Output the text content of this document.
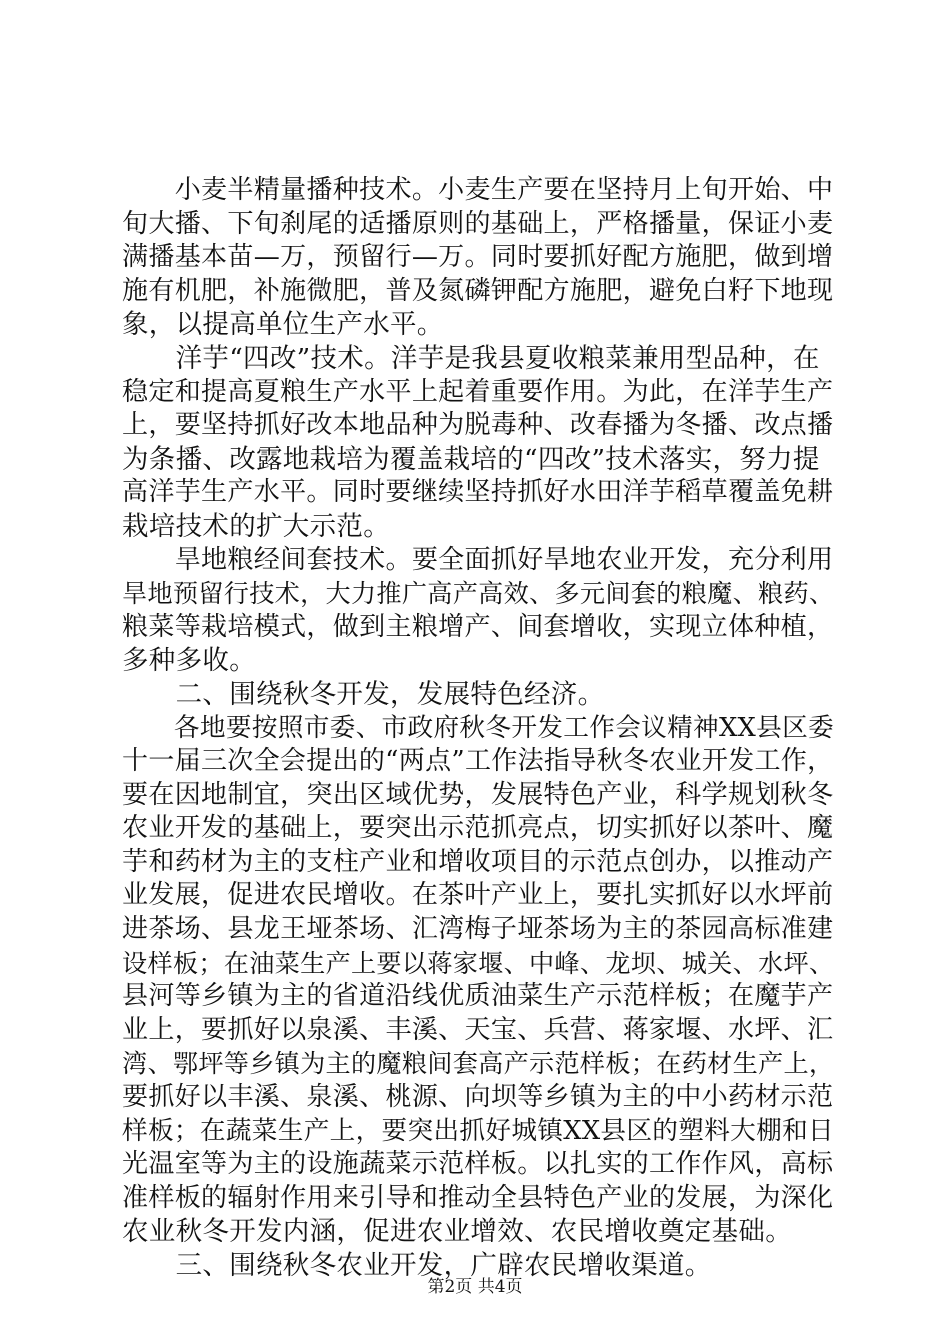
　　小麦半精量播种技术。小麦生产要在坚持月上旬开始、中
旬大播、下旬刹尾的适播原则的基础上，严格播量，保证小麦
满播基本苗—万，预留行—万。同时要抓好配方施肥，做到增
施有机肥，补施微肥，普及氮磷钾配方施肥，避免白籽下地现
象，以提高单位生产水平。
　　洋芋“四改”技术。洋芋是我县夏收粮菜兼用型品种，在
稳定和提高夏粮生产水平上起着重要作用。为此，在洋芋生产
上，要坚持抓好改本地品种为脱毒种、改春播为冬播、改点播
为条播、改露地栽培为覆盖栽培的“四改”技术落实，努力提
高洋芋生产水平。同时要继续坚持抓好水田洋芋稻草覆盖免耕
栽培技术的扩大示范。
　　旱地粮经间套技术。要全面抓好旱地农业开发，充分利用
旱地预留行技术，大力推广高产高效、多元间套的粮魔、粮药、
粮菜等栽培模式，做到主粮增产、间套增收，实现立体种植，
多种多收。
　　二、围绕秋冬开发，发展特色经济。
　　各地要按照市委、市政府秋冬开发工作会议精神XX县区委
十一届三次全会提出的“两点”工作法指导秋冬农业开发工作，
要在因地制宜，突出区域优势，发展特色产业，科学规划秋冬
农业开发的基础上，要突出示范抓亮点，切实抓好以茶叶、魔
芋和药材为主的支柱产业和增收项目的示范点创办，以推动产
业发展，促进农民增收。在茶叶产业上，要扎实抓好以水坪前
进茶场、县龙王垭茶场、汇湾梅子垭茶场为主的茶园高标准建
设样板；在油菜生产上要以蒋家堰、中峰、龙坝、城关、水坪、
县河等乡镇为主的省道沿线优质油菜生产示范样板；在魔芋产
业上，要抓好以泉溪、丰溪、天宝、兵营、蒋家堰、水坪、汇
湾、鄂坪等乡镇为主的魔粮间套高产示范样板；在药材生产上，
要抓好以丰溪、泉溪、桃源、向坝等乡镇为主的中小药材示范
样板；在蔬菜生产上，要突出抓好城镇XX县区的塑料大棚和日
光温室等为主的设施蔬菜示范样板。以扎实的工作作风，高标
准样板的辐射作用来引导和推动全县特色产业的发展，为深化
农业秋冬开发内涵，促进农业增效、农民增收奠定基础。
　　三、围绕秋冬农业开发，广辟农民增收渠道。
第2页 共4页
